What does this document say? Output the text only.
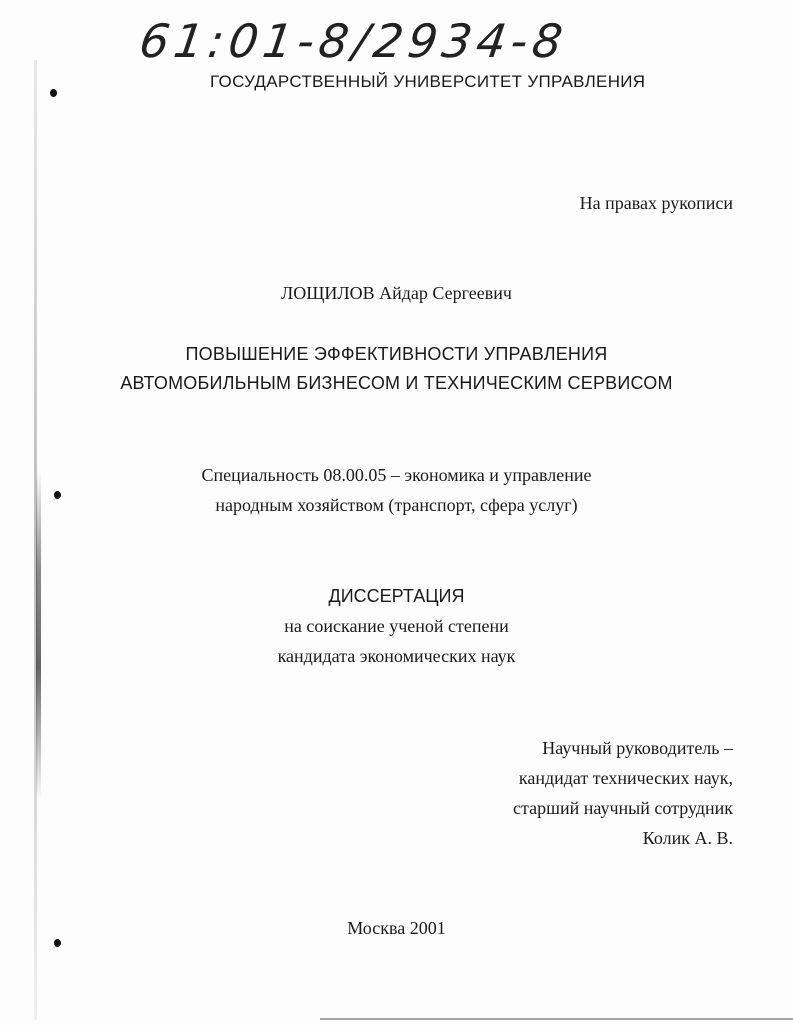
61:01-8/2934-8
ГОСУДАРСТВЕННЫЙ УНИВЕРСИТЕТ УПРАВЛЕНИЯ
На правах рукописи
ЛОЩИЛОВ Айдар Сергеевич
ПОВЫШЕНИЕ ЭФФЕКТИВНОСТИ УПРАВЛЕНИЯ
АВТОМОБИЛЬНЫМ БИЗНЕСОМ И ТЕХНИЧЕСКИМ СЕРВИСОМ
Специальность 08.00.05 – экономика и управление
народным хозяйством (транспорт, сфера услуг)
ДИССЕРТАЦИЯ
на соискание ученой степени
кандидата экономических наук
Научный руководитель –
кандидат технических наук,
старший научный сотрудник
Колик А. В.
Москва 2001
